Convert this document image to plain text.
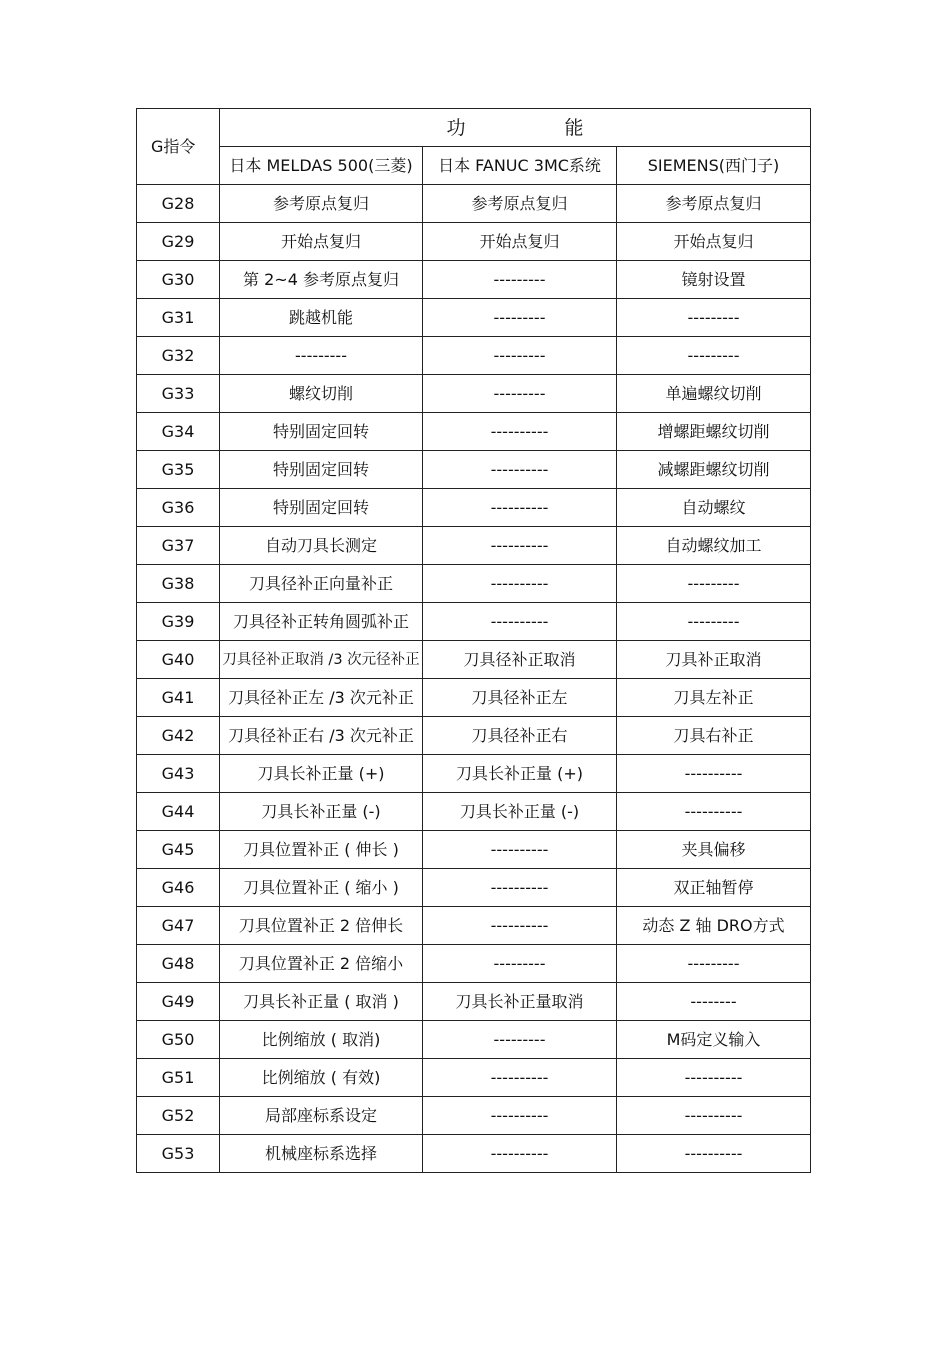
G指令	功　能		
	日本 MELDAS 500(三菱)	日本 FANUC 3MC系统	SIEMENS(西门子)
G28	参考原点复归	参考原点复归	参考原点复归
G29	开始点复归	开始点复归	开始点复归
G30	第 2~4 参考原点复归	---------	镜射设置
G31	跳越机能	---------	---------
G32	---------	---------	---------
G33	螺纹切削	---------	单遍螺纹切削
G34	特别固定回转	----------	增螺距螺纹切削
G35	特别固定回转	----------	减螺距螺纹切削
G36	特别固定回转	----------	自动螺纹
G37	自动刀具长测定	----------	自动螺纹加工
G38	刀具径补正向量补正	----------	---------
G39	刀具径补正转角圆弧补正	----------	---------
G40	刀具径补正取消 /3 次元径补正	刀具径补正取消	刀具补正取消
G41	刀具径补正左 /3 次元补正	刀具径补正左	刀具左补正
G42	刀具径补正右 /3 次元补正	刀具径补正右	刀具右补正
G43	刀具长补正量 (+)	刀具长补正量 (+)	----------
G44	刀具长补正量 (-)	刀具长补正量 (-)	----------
G45	刀具位置补正 ( 伸长 )	----------	夹具偏移
G46	刀具位置补正 ( 缩小 )	----------	双正轴暂停
G47	刀具位置补正 2 倍伸长	----------	动态 Z 轴 DRO方式
G48	刀具位置补正 2 倍缩小	---------	---------
G49	刀具长补正量 ( 取消 )	刀具长补正量取消	--------
G50	比例缩放 ( 取消)	---------	M码定义输入
G51	比例缩放 ( 有效)	----------	----------
G52	局部座标系设定	----------	----------
G53	机械座标系选择	----------	----------
